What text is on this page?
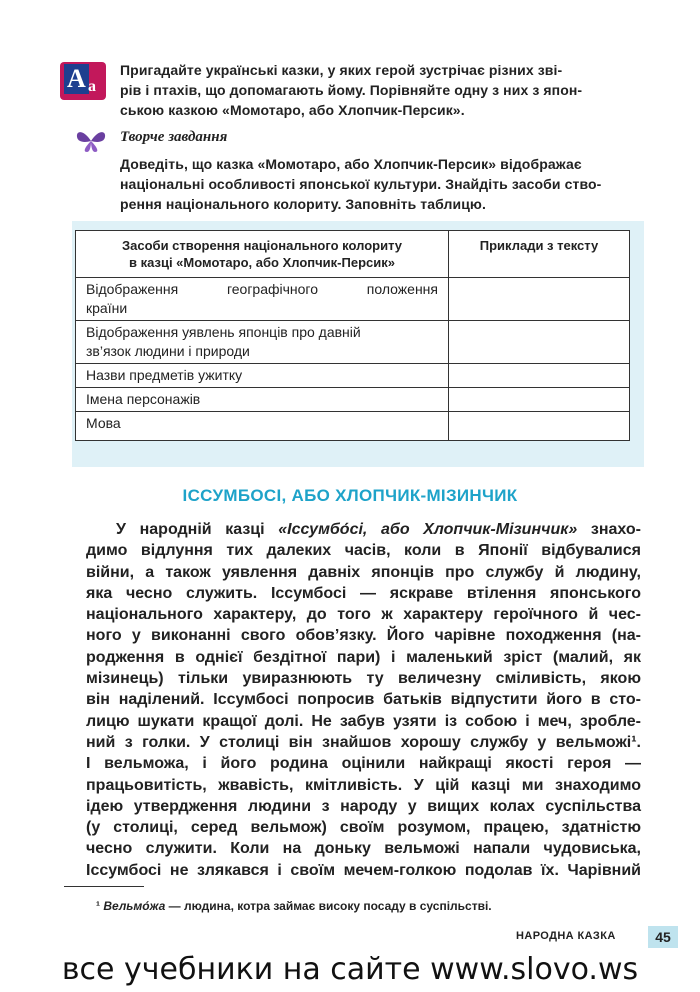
A a
Пригадайте українські казки, у яких герой зустрічає різних зві-
рів і птахів, що допомагають йому. Порівняйте одну з них з япон-
ською казкою «Момотаро, або Хлопчик-Персик».
Творче завдання
Доведіть, що казка «Момотаро, або Хлопчик-Персик» відображає
національні особливості японської культури. Знайдіть засоби ство-
рення національного колориту. Заповніть таблицю.
Засоби створення національного колориту
в казці «Момотаро, або Хлопчик-Персик»	Приклади з тексту

Відображення географічного положення
країни	

Відображення уявлень японців про давній
зв’язок людини і природи	

Назви предметів ужитку	
Імена персонажів	
Мова	
ІССУМБОСІ, АБО ХЛОПЧИК-МІЗИНЧИК
У народній казці «Іссумбо́сі, або Хлопчик-Мізинчик» знахо-
димо відлуння тих далеких часів, коли в Японії відбувалися
війни, а також уявлення давніх японців про службу й людину,
яка чесно служить. Іссумбосі — яскраве втілення японського
національного характеру, до того ж характеру героїчного й чес-
ного у виконанні свого обов’язку. Його чарівне походження (на-
родження в однієї бездітної пари) і маленький зріст (малий, як
мізинець) тільки увиразнюють ту величезну сміливість, якою
він наділений. Іссумбосі попросив батьків відпустити його в сто-
лицю шукати кращої долі. Не забув узяти із собою і меч, зробле-
ний з голки. У столиці він знайшов хорошу службу у вельможі¹.
І вельможа, і його родина оцінили найкращі якості героя —
працьовитість, жвавість, кмітливість. У цій казці ми знаходимо
ідею утвердження людини з народу у вищих колах суспільства
(у столиці, серед вельмож) своїм розумом, працею, здатністю
чесно служити. Коли на доньку вельможі напали чудовиська,
Іссумбосі не злякався і своїм мечем-голкою подолав їх. Чарівний
¹ Вельмо́жа — людина, котра займає високу посаду в суспільстві.
НАРОДНА КАЗКА	45
все учебники на сайте www.slovo.ws
